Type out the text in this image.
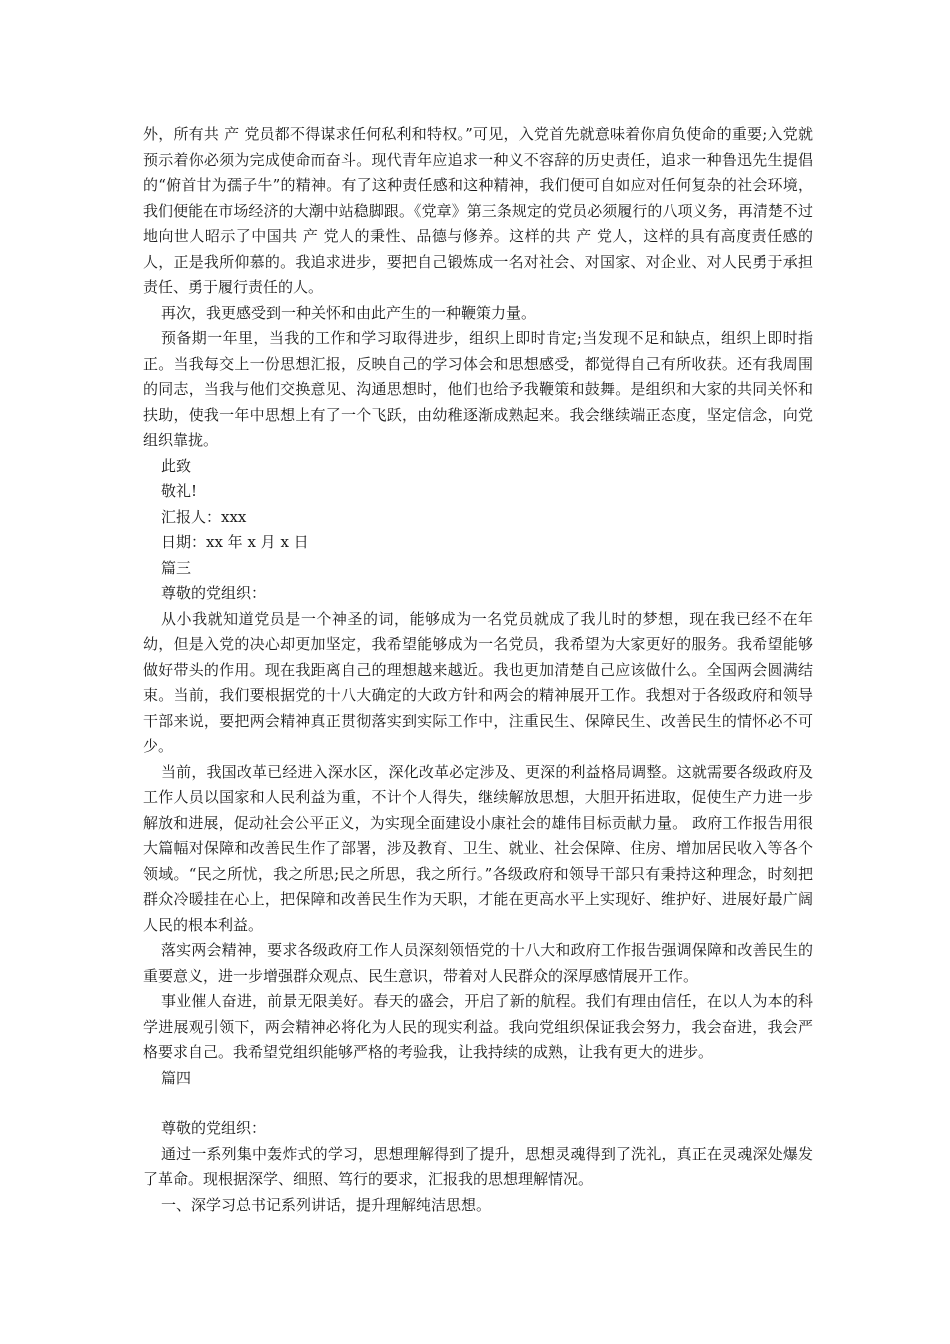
外，所有共 产 党员都不得谋求任何私利和特权。”可见，入党首先就意味着你肩负使命的重要;入党就预示着你必须为完成使命而奋斗。现代青年应追求一种义不容辞的历史责任，追求一种鲁迅先生提倡的“俯首甘为孺子牛”的精神。有了这种责任感和这种精神，我们便可自如应对任何复杂的社会环境，我们便能在市场经济的大潮中站稳脚跟。《党章》第三条规定的党员必须履行的八项义务，再清楚不过地向世人昭示了中国共 产 党人的秉性、品德与修养。这样的共 产 党人，这样的具有高度责任感的人，正是我所仰慕的。我追求进步，要把自己锻炼成一名对社会、对国家、对企业、对人民勇于承担责任、勇于履行责任的人。

再次，我更感受到一种关怀和由此产生的一种鞭策力量。

预备期一年里，当我的工作和学习取得进步，组织上即时肯定;当发现不足和缺点，组织上即时指正。当我每交上一份思想汇报，反映自己的学习体会和思想感受，都觉得自己有所收获。还有我周围的同志，当我与他们交换意见、沟通思想时，他们也给予我鞭策和鼓舞。是组织和大家的共同关怀和扶助，使我一年中思想上有了一个飞跃，由幼稚逐渐成熟起来。我会继续端正态度，坚定信念，向党组织靠拢。

此致

敬礼!

汇报人：xxx

日期：xx 年 x 月 x 日

篇三

尊敬的党组织：

从小我就知道党员是一个神圣的词，能够成为一名党员就成了我儿时的梦想，现在我已经不在年幼，但是入党的决心却更加坚定，我希望能够成为一名党员，我希望为大家更好的服务。我希望能够做好带头的作用。现在我距离自己的理想越来越近。我也更加清楚自己应该做什么。全国两会圆满结束。当前，我们要根据党的十八大确定的大政方针和两会的精神展开工作。我想对于各级政府和领导干部来说，要把两会精神真正贯彻落实到实际工作中，注重民生、保障民生、改善民生的情怀必不可少。

当前，我国改革已经进入深水区，深化改革必定涉及、更深的利益格局调整。这就需要各级政府及工作人员以国家和人民利益为重，不计个人得失，继续解放思想，大胆开拓进取，促使生产力进一步解放和进展，促动社会公平正义，为实现全面建设小康社会的雄伟目标贡献力量。 政府工作报告用很大篇幅对保障和改善民生作了部署，涉及教育、卫生、就业、社会保障、住房、增加居民收入等各个领域。“民之所忧，我之所思;民之所思，我之所行。”各级政府和领导干部只有秉持这种理念，时刻把群众冷暖挂在心上，把保障和改善民生作为天职，才能在更高水平上实现好、维护好、进展好最广阔人民的根本利益。

落实两会精神，要求各级政府工作人员深刻领悟党的十八大和政府工作报告强调保障和改善民生的重要意义，进一步增强群众观点、民生意识，带着对人民群众的深厚感情展开工作。

事业催人奋进，前景无限美好。春天的盛会，开启了新的航程。我们有理由信任，在以人为本的科学进展观引领下，两会精神必将化为人民的现实利益。我向党组织保证我会努力，我会奋进，我会严格要求自己。我希望党组织能够严格的考验我，让我持续的成熟，让我有更大的进步。

篇四

尊敬的党组织：

通过一系列集中轰炸式的学习，思想理解得到了提升，思想灵魂得到了洗礼，真正在灵魂深处爆发了革命。现根据深学、细照、笃行的要求，汇报我的思想理解情况。

一、深学习总书记系列讲话，提升理解纯洁思想。
